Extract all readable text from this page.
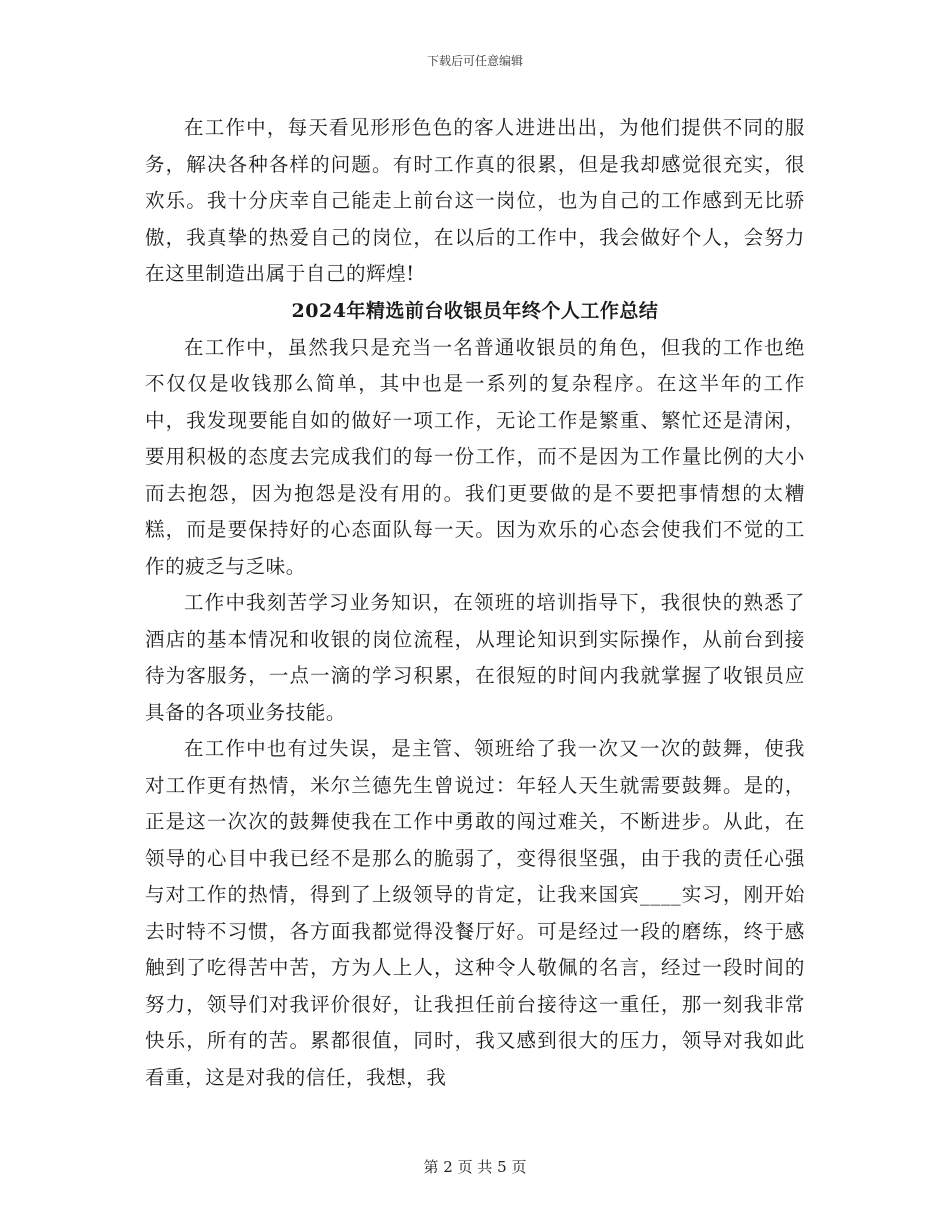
下载后可任意编辑

在工作中，每天看见形形色色的客人进进出出，为他们提供不同的服务，解决各种各样的问题。有时工作真的很累，但是我却感觉很充实，很欢乐。我十分庆幸自己能走上前台这一岗位，也为自己的工作感到无比骄傲，我真挚的热爱自己的岗位，在以后的工作中，我会做好个人，会努力在这里制造出属于自己的辉煌!

2024年精选前台收银员年终个人工作总结

在工作中，虽然我只是充当一名普通收银员的角色，但我的工作也绝不仅仅是收钱那么简单，其中也是一系列的复杂程序。在这半年的工作中，我发现要能自如的做好一项工作，无论工作是繁重、繁忙还是清闲，要用积极的态度去完成我们的每一份工作，而不是因为工作量比例的大小而去抱怨，因为抱怨是没有用的。我们更要做的是不要把事情想的太糟糕，而是要保持好的心态面队每一天。因为欢乐的心态会使我们不觉的工作的疲乏与乏味。

工作中我刻苦学习业务知识，在领班的培训指导下，我很快的熟悉了酒店的基本情况和收银的岗位流程，从理论知识到实际操作，从前台到接待为客服务，一点一滴的学习积累，在很短的时间内我就掌握了收银员应具备的各项业务技能。

在工作中也有过失误，是主管、领班给了我一次又一次的鼓舞，使我对工作更有热情，米尔兰德先生曾说过：年轻人天生就需要鼓舞。是的，正是这一次次的鼓舞使我在工作中勇敢的闯过难关，不断进步。从此，在领导的心目中我已经不是那么的脆弱了，变得很坚强，由于我的责任心强与对工作的热情，得到了上级领导的肯定，让我来国宾____实习，刚开始去时特不习惯，各方面我都觉得没餐厅好。可是经过一段的磨练，终于感触到了吃得苦中苦，方为人上人，这种令人敬佩的名言，经过一段时间的努力，领导们对我评价很好，让我担任前台接待这一重任，那一刻我非常快乐，所有的苦。累都很值，同时，我又感到很大的压力，领导对我如此看重，这是对我的信任，我想，我

第 2 页 共 5 页
